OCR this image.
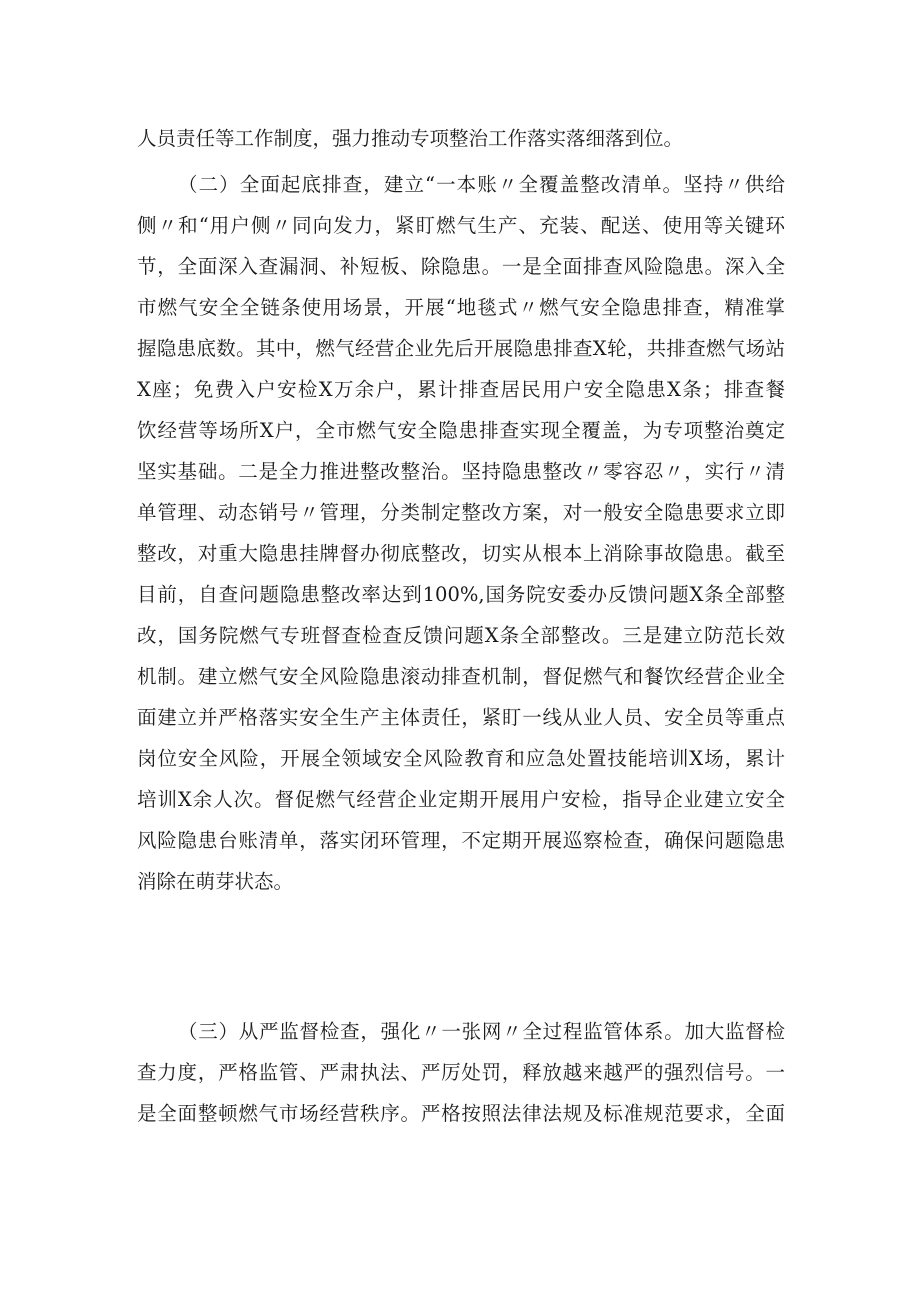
人员责任等工作制度，强力推动专项整治工作落实落细落到位。
（二）全面起底排查，建立“一本账〃全覆盖整改清单。坚持〃供给
侧〃和“用户侧〃同向发力，紧盯燃气生产、充装、配送、使用等关键环
节，全面深入查漏洞、补短板、除隐患。一是全面排查风险隐患。深入全
市燃气安全全链条使用场景，开展“地毯式〃燃气安全隐患排查，精准掌
握隐患底数。其中，燃气经营企业先后开展隐患排查X轮，共排查燃气场站
X座；免费入户安检X万余户，累计排查居民用户安全隐患X条；排查餐
饮经营等场所X户，全市燃气安全隐患排查实现全覆盖，为专项整治奠定
坚实基础。二是全力推进整改整治。坚持隐患整改〃零容忍〃，实行〃清
单管理、动态销号〃管理，分类制定整改方案，对一般安全隐患要求立即
整改，对重大隐患挂牌督办彻底整改，切实从根本上消除事故隐患。截至
目前，自查问题隐患整改率达到100%,国务院安委办反馈问题X条全部整
改，国务院燃气专班督查检查反馈问题X条全部整改。三是建立防范长效
机制。建立燃气安全风险隐患滚动排查机制，督促燃气和餐饮经营企业全
面建立并严格落实安全生产主体责任，紧盯一线从业人员、安全员等重点
岗位安全风险，开展全领域安全风险教育和应急处置技能培训X场，累计
培训X余人次。督促燃气经营企业定期开展用户安检，指导企业建立安全
风险隐患台账清单，落实闭环管理，不定期开展巡察检查，确保问题隐患
消除在萌芽状态。
（三）从严监督检查，强化〃一张网〃全过程监管体系。加大监督检
查力度，严格监管、严肃执法、严厉处罚，释放越来越严的强烈信号。一
是全面整顿燃气市场经营秩序。严格按照法律法规及标准规范要求，全面
